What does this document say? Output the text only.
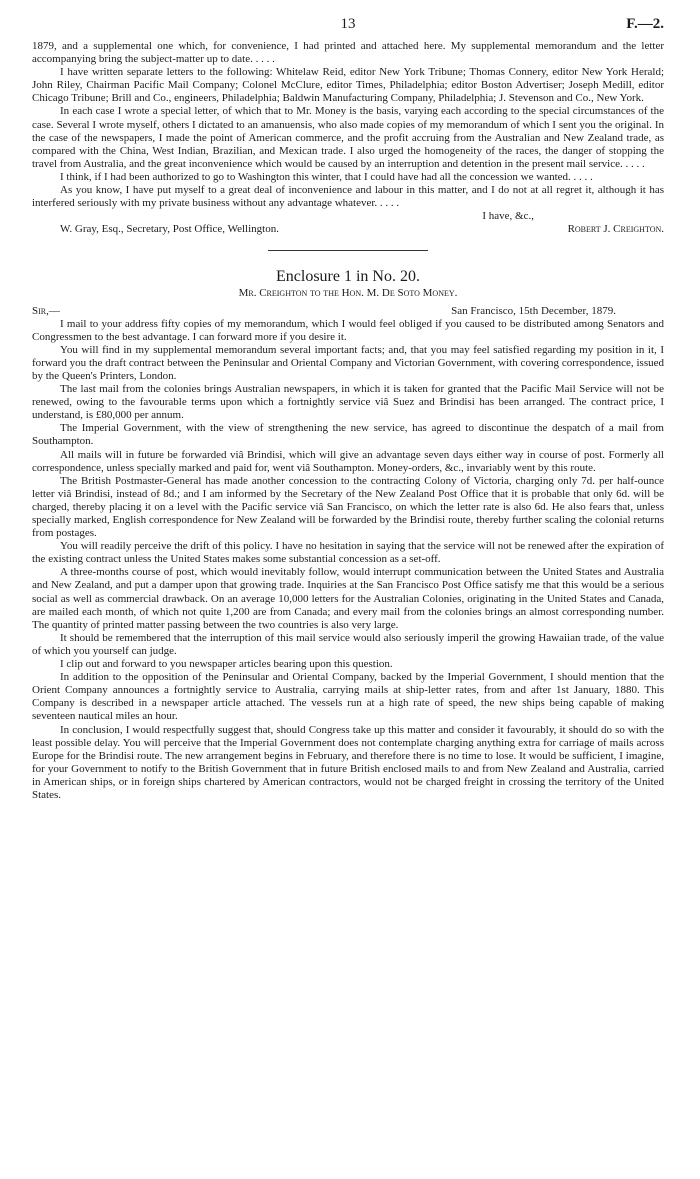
13	F.—2.

1879, and a supplemental one which, for convenience, I had printed and attached here. My supplemental memorandum and the letter accompanying bring the subject-matter up to date. . . . .

I have written separate letters to the following: Whitelaw Reid, editor New York Tribune; Thomas Connery, editor New York Herald; John Riley, Chairman Pacific Mail Company; Colonel McClure, editor Times, Philadelphia; editor Boston Advertiser; Joseph Medill, editor Chicago Tribune; Brill and Co., engineers, Philadelphia; Baldwin Manufacturing Company, Philadelphia; J. Stevenson and Co., New York.

In each case I wrote a special letter, of which that to Mr. Money is the basis, varying each according to the special circumstances of the case. Several I wrote myself, others I dictated to an amanuensis, who also made copies of my memorandum of which I sent you the original. In the case of the newspapers, I made the point of American commerce, and the profit accruing from the Australian and New Zealand trade, as compared with the China, West Indian, Brazilian, and Mexican trade. I also urged the homogeneity of the races, the danger of stopping the travel from Australia, and the great inconvenience which would be caused by an interruption and detention in the present mail service. . . . .

I think, if I had been authorized to go to Washington this winter, that I could have had all the concession we wanted. . . . .

As you know, I have put myself to a great deal of inconvenience and labour in this matter, and I do not at all regret it, although it has interfered seriously with my private business without any advantage whatever. . . . .

I have, &c.,
W. Gray, Esq., Secretary, Post Office, Wellington.	Robert J. Creighton.
Enclosure 1 in No. 20.
Mr. Creighton to the Hon. M. De Soto Money.
Sir,—	San Francisco, 15th December, 1879.

I mail to your address fifty copies of my memorandum, which I would feel obliged if you caused to be distributed among Senators and Congressmen to the best advantage. I can forward more if you desire it.

You will find in my supplemental memorandum several important facts; and, that you may feel satisfied regarding my position in it, I forward you the draft contract between the Peninsular and Oriental Company and Victorian Government, with covering correspondence, issued by the Queen's Printers, London.

The last mail from the colonies brings Australian newspapers, in which it is taken for granted that the Pacific Mail Service will not be renewed, owing to the favourable terms upon which a fortnightly service viâ Suez and Brindisi has been arranged. The contract price, I understand, is £80,000 per annum.

The Imperial Government, with the view of strengthening the new service, has agreed to discontinue the despatch of a mail from Southampton.

All mails will in future be forwarded viâ Brindisi, which will give an advantage seven days either way in course of post. Formerly all correspondence, unless specially marked and paid for, went viâ Southampton. Money-orders, &c., invariably went by this route.

The British Postmaster-General has made another concession to the contracting Colony of Victoria, charging only 7d. per half-ounce letter viâ Brindisi, instead of 8d.; and I am informed by the Secretary of the New Zealand Post Office that it is probable that only 6d. will be charged, thereby placing it on a level with the Pacific service viâ San Francisco, on which the letter rate is also 6d. He also fears that, unless specially marked, English correspondence for New Zealand will be forwarded by the Brindisi route, thereby further scaling the colonial returns from postages.

You will readily perceive the drift of this policy. I have no hesitation in saying that the service will not be renewed after the expiration of the existing contract unless the United States makes some substantial concession as a set-off.

A three-months course of post, which would inevitably follow, would interrupt communication between the United States and Australia and New Zealand, and put a damper upon that growing trade. Inquiries at the San Francisco Post Office satisfy me that this would be a serious social as well as commercial drawback. On an average 10,000 letters for the Australian Colonies, originating in the United States and Canada, are mailed each month, of which not quite 1,200 are from Canada; and every mail from the colonies brings an almost corresponding number. The quantity of printed matter passing between the two countries is also very large.

It should be remembered that the interruption of this mail service would also seriously imperil the growing Hawaiian trade, of the value of which you yourself can judge.

I clip out and forward to you newspaper articles bearing upon this question.

In addition to the opposition of the Peninsular and Oriental Company, backed by the Imperial Government, I should mention that the Orient Company announces a fortnightly service to Australia, carrying mails at ship-letter rates, from and after 1st January, 1880. This Company is described in a newspaper article attached. The vessels run at a high rate of speed, the new ships being capable of making seventeen nautical miles an hour.

In conclusion, I would respectfully suggest that, should Congress take up this matter and consider it favourably, it should do so with the least possible delay. You will perceive that the Imperial Government does not contemplate charging anything extra for carriage of mails across Europe for the Brindisi route. The new arrangement begins in February, and therefore there is no time to lose. It would be sufficient, I imagine, for your Government to notify to the British Government that in future British enclosed mails to and from New Zealand and Australia, carried in American ships, or in foreign ships chartered by American contractors, would not be charged freight in crossing the territory of the United States.
